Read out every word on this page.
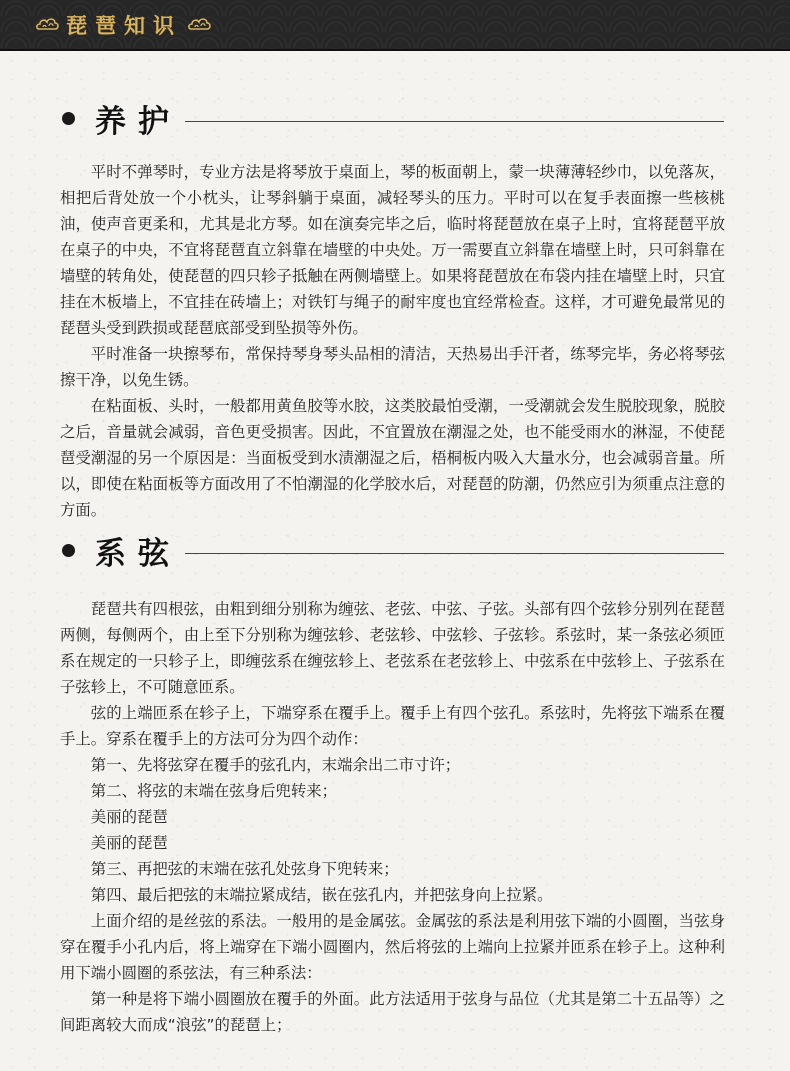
琵琶知识
养护

平时不弹琴时，专业方法是将琴放于桌面上，琴的板面朝上，蒙一块薄薄轻纱巾，以免落灰，相把后背处放一个小枕头，让琴斜躺于桌面，减轻琴头的压力。平时可以在复手表面擦一些核桃油，使声音更柔和，尤其是北方琴。如在演奏完毕之后，临时将琵琶放在桌子上时，宜将琵琶平放在桌子的中央，不宜将琵琶直立斜靠在墙壁的中央处。万一需要直立斜靠在墙壁上时，只可斜靠在墙壁的转角处，使琵琶的四只轸子抵触在两侧墙壁上。如果将琵琶放在布袋内挂在墙壁上时，只宜挂在木板墙上，不宜挂在砖墙上；对铁钉与绳子的耐牢度也宜经常检查。这样，才可避免最常见的琵琶头受到跌损或琵琶底部受到坠损等外伤。

平时准备一块擦琴布，常保持琴身琴头品相的清洁，天热易出手汗者，练琴完毕，务必将琴弦擦干净，以免生锈。

在粘面板、头时，一般都用黄鱼胶等水胶，这类胶最怕受潮，一受潮就会发生脱胶现象，脱胶之后，音量就会减弱，音色更受损害。因此，不宜置放在潮湿之处，也不能受雨水的淋湿，不使琵琶受潮湿的另一个原因是：当面板受到水渍潮湿之后，梧桐板内吸入大量水分，也会减弱音量。所以，即使在粘面板等方面改用了不怕潮湿的化学胶水后，对琵琶的防潮，仍然应引为须重点注意的方面。

系弦

琵琶共有四根弦，由粗到细分别称为缠弦、老弦、中弦、子弦。头部有四个弦轸分别列在琵琶两侧，每侧两个，由上至下分别称为缠弦轸、老弦轸、中弦轸、子弦轸。系弦时，某一条弦必须匝系在规定的一只轸子上，即缠弦系在缠弦轸上、老弦系在老弦轸上、中弦系在中弦轸上、子弦系在子弦轸上，不可随意匝系。

弦的上端匝系在轸子上，下端穿系在覆手上。覆手上有四个弦孔。系弦时，先将弦下端系在覆手上。穿系在覆手上的方法可分为四个动作：

第一、先将弦穿在覆手的弦孔内，末端余出二市寸许；

第二、将弦的末端在弦身后兜转来；

美丽的琵琶

美丽的琵琶

第三、再把弦的末端在弦孔处弦身下兜转来；

第四、最后把弦的末端拉紧成结，嵌在弦孔内，并把弦身向上拉紧。

上面介绍的是丝弦的系法。一般用的是金属弦。金属弦的系法是利用弦下端的小圆圈，当弦身穿在覆手小孔内后，将上端穿在下端小圆圈内，然后将弦的上端向上拉紧并匝系在轸子上。这种利用下端小圆圈的系弦法，有三种系法：

第一种是将下端小圆圈放在覆手的外面。此方法适用于弦身与品位（尤其是第二十五品等）之间距离较大而成“浪弦”的琵琶上；
